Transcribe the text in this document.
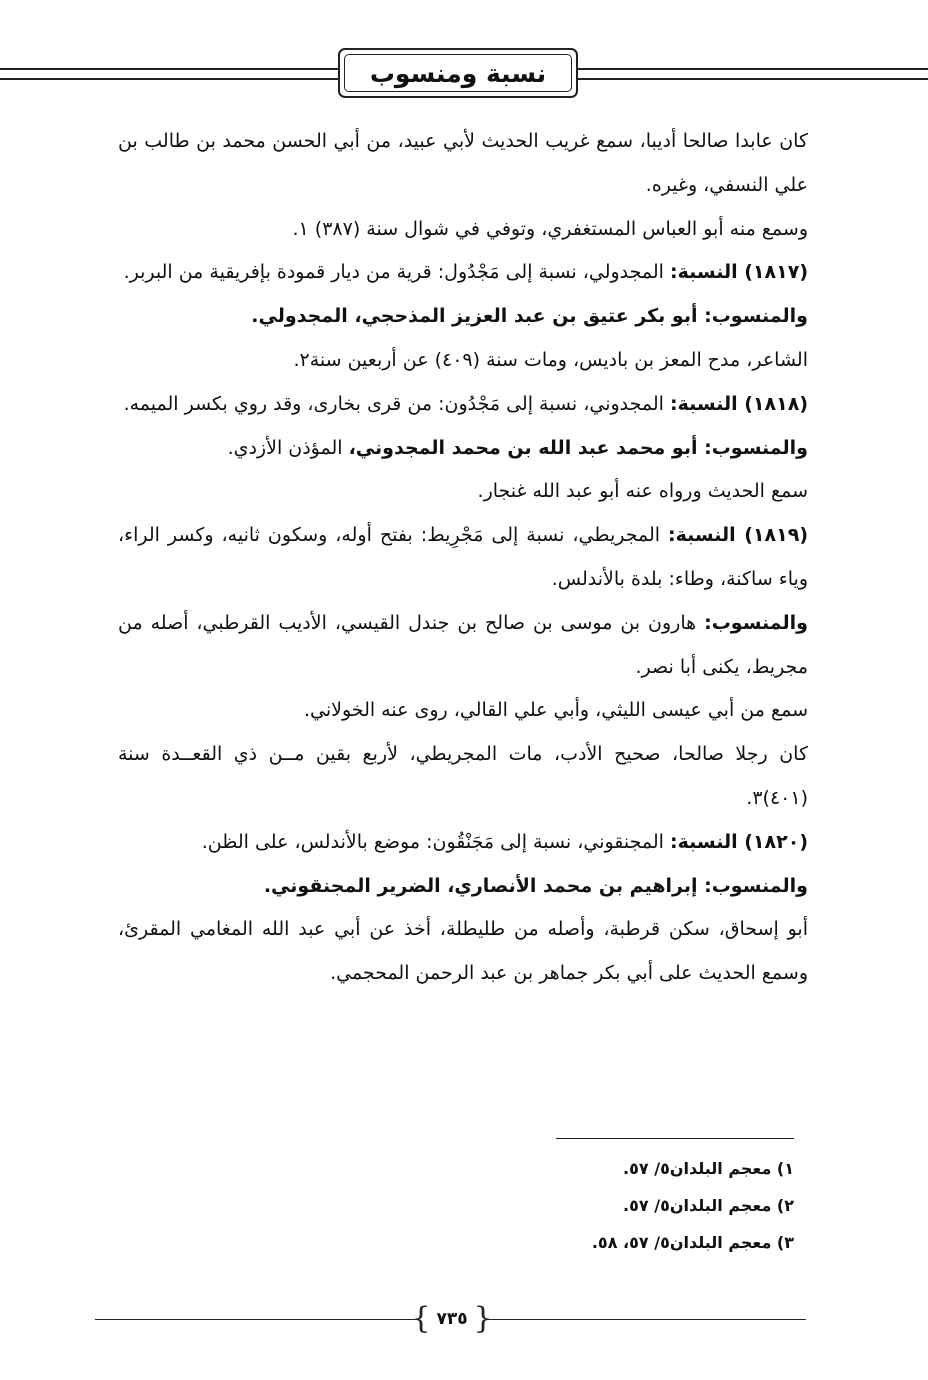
نسبة ومنسوب

كان عابدا صالحا أديبا، سمع غريب الحديث لأبي عبيد، من أبي الحسن محمد بن طالب بن علي النسفي، وغيره.

وسمع منه أبو العباس المستغفري، وتوفي في شوال سنة (٣٨٧) ١.

(١٨١٧) النسبة: المجدولي، نسبة إلى مَجْدُول: قرية من ديار قمودة بإفريقية من البربر.

والمنسوب: أبو بكر عتيق بن عبد العزيز المذحجي، المجدولي.

الشاعر، مدح المعز بن باديس، ومات سنة (٤٠٩) عن أربعين سنة٢.

(١٨١٨) النسبة: المجدوني، نسبة إلى مَجْدُون: من قرى بخارى، وقد روي بكسر الميمه.

والمنسوب: أبو محمد عبد الله بن محمد المجدوني، المؤذن الأزدي.

سمع الحديث ورواه عنه أبو عبد الله غنجار.

(١٨١٩) النسبة: المجريطي، نسبة إلى مَجْرِيط: بفتح أوله، وسكون ثانيه، وكسر الراء، وياء ساكنة، وطاء: بلدة بالأندلس.

والمنسوب: هارون بن موسى بن صالح بن جندل القيسي، الأديب القرطبي، أصله من مجريط، يكنى أبا نصر.

سمع من أبي عيسى الليثي، وأبي علي القالي، روى عنه الخولاني.

كان رجلا صالحا، صحيح الأدب، مات المجريطي، لأربع بقين مــن ذي القعــدة سنة (٤٠١)٣.

(١٨٢٠) النسبة: المجنقوني، نسبة إلى مَجَنْقُون: موضع بالأندلس، على الظن.

والمنسوب: إبراهيم بن محمد الأنصاري، الضرير المجنقوني.

أبو إسحاق، سكن قرطبة، وأصله من طليطلة، أخذ عن أبي عبد الله المغامي المقرئ، وسمع الحديث على أبي بكر جماهر بن عبد الرحمن المحجمي.

١) معجم البلدان٥/ ٥٧.

٢) معجم البلدان٥/ ٥٧.

٣) معجم البلدان٥/ ٥٧، ٥٨.

{ ٧٣٥ }
